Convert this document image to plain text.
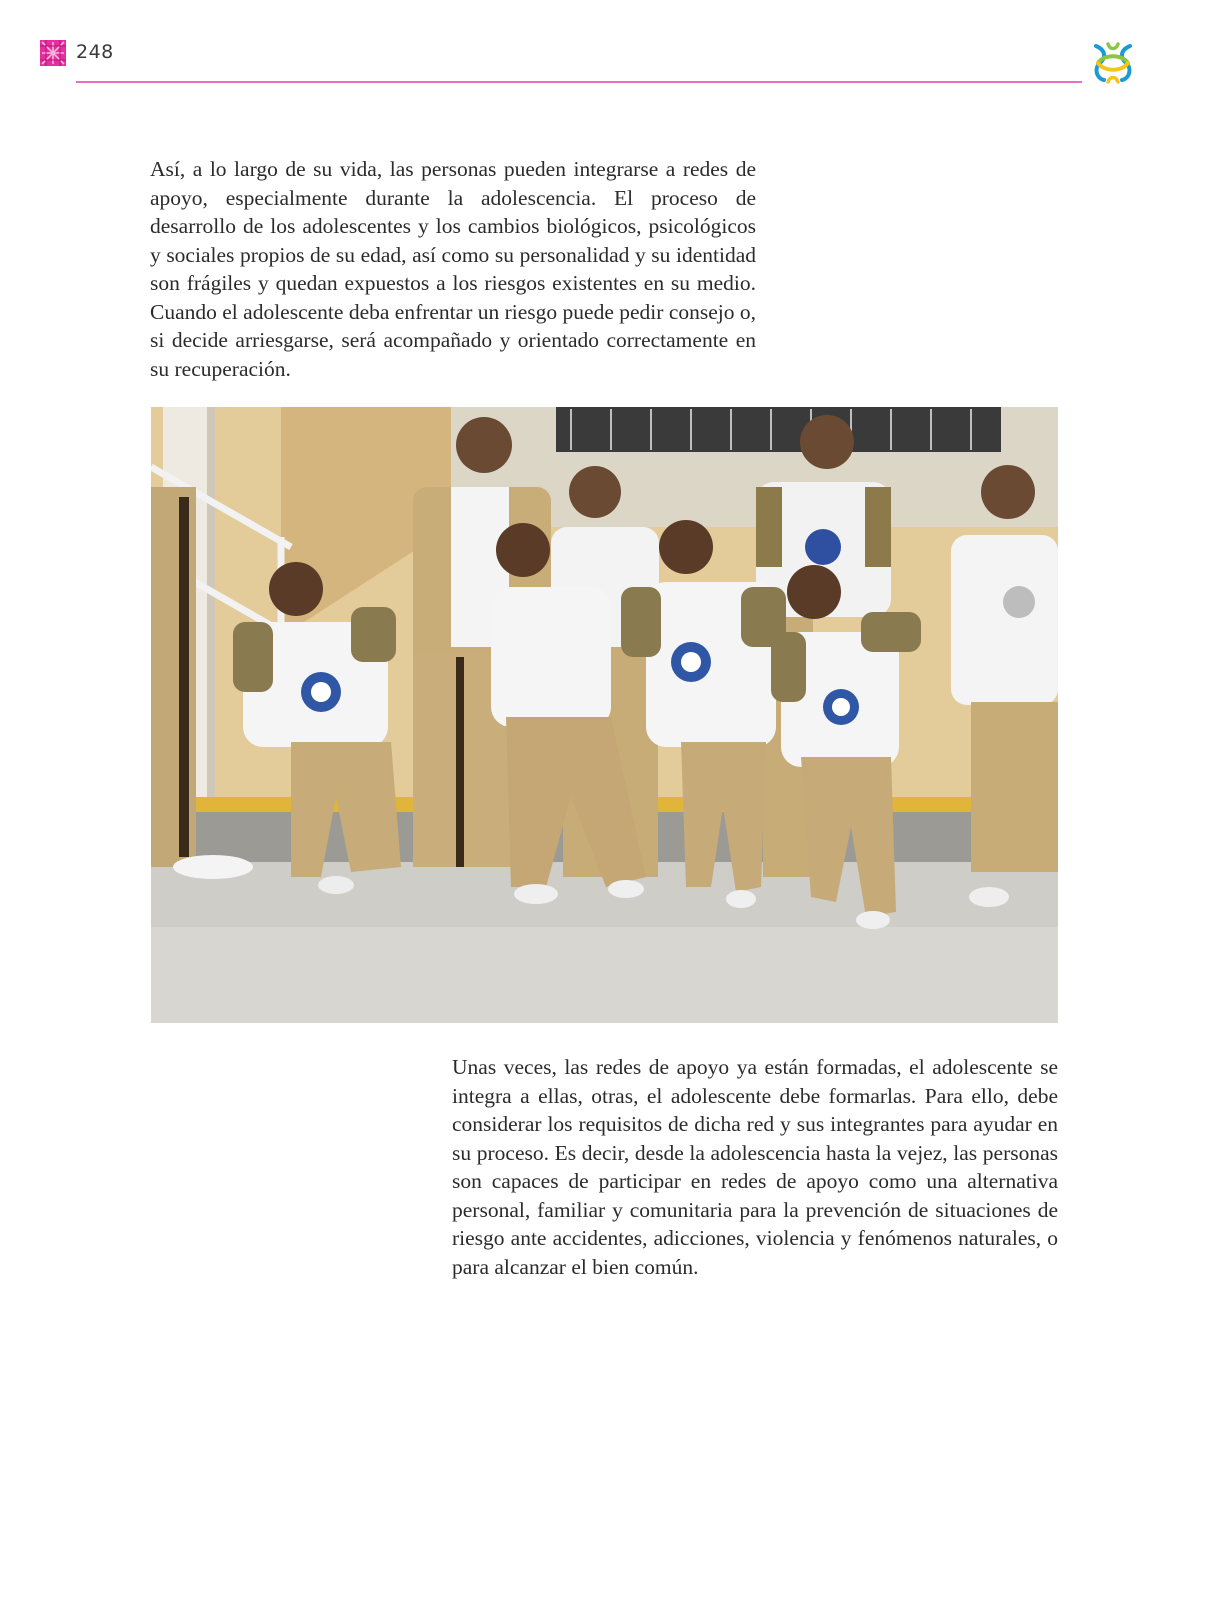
248

Así, a lo largo de su vida, las personas pueden integrarse a redes de apoyo, especialmente durante la adolescencia. El proceso de desarrollo de los adolescentes y los cambios biológicos, psicológicos y sociales propios de su edad, así como su personalidad y su identidad son frágiles y quedan expuestos a los riesgos existentes en su medio. Cuando el adolescente deba enfrentar un riesgo puede pedir consejo o, si decide arriesgarse, será acompañado y orientado correctamente en su recuperación.

Unas veces, las redes de apoyo ya están formadas, el adolescente se integra a ellas, otras, el adolescente debe formarlas. Para ello, debe considerar los requisitos de dicha red y sus integrantes para ayudar en su proceso. Es decir, desde la adolescencia hasta la vejez, las personas son capaces de participar en redes de apoyo como una alternativa personal, familiar y comunitaria para la prevención de situaciones de riesgo ante accidentes, adicciones, violencia y fenómenos naturales, o para alcanzar el bien común.
